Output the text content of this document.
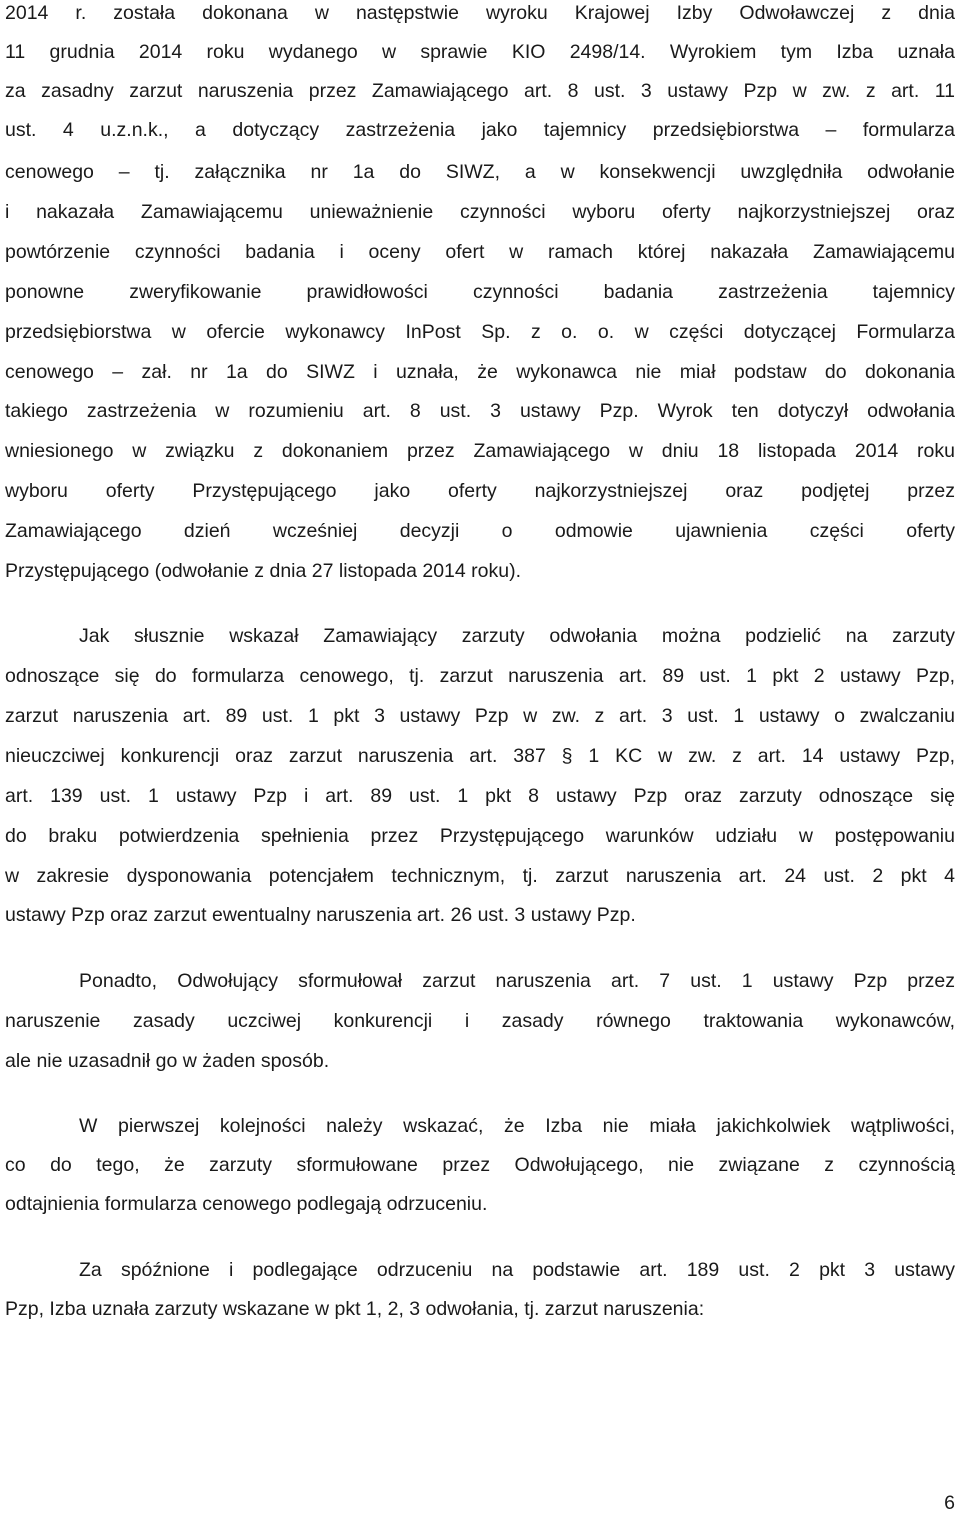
2014 r. została dokonana w następstwie wyroku Krajowej Izby Odwoławczej z dnia
11 grudnia 2014 roku wydanego w sprawie KIO 2498/14. Wyrokiem tym Izba uznała
za zasadny zarzut naruszenia przez Zamawiającego art. 8 ust. 3 ustawy Pzp w zw. z art. 11
ust. 4 u.z.n.k., a dotyczący zastrzeżenia jako tajemnicy przedsiębiorstwa – formularza
cenowego – tj. załącznika nr 1a do SIWZ, a w konsekwencji uwzględniła odwołanie
i nakazała Zamawiającemu unieważnienie czynności wyboru oferty najkorzystniejszej oraz
powtórzenie czynności badania i oceny ofert w ramach której nakazała Zamawiającemu
ponowne zweryfikowanie prawidłowości czynności badania zastrzeżenia tajemnicy
przedsiębiorstwa w ofercie wykonawcy InPost Sp. z o. o. w części dotyczącej Formularza
cenowego – zał. nr 1a do SIWZ i uznała, że wykonawca nie miał podstaw do dokonania
takiego zastrzeżenia w rozumieniu art. 8 ust. 3 ustawy Pzp. Wyrok ten dotyczył odwołania
wniesionego w związku z dokonaniem przez Zamawiającego w dniu 18 listopada 2014 roku
wyboru oferty Przystępującego jako oferty najkorzystniejszej oraz podjętej przez
Zamawiającego dzień wcześniej decyzji o odmowie ujawnienia części oferty
Przystępującego (odwołanie z dnia 27 listopada 2014 roku).
Jak słusznie wskazał Zamawiający zarzuty odwołania można podzielić na zarzuty
odnoszące się do formularza cenowego, tj. zarzut naruszenia art. 89 ust. 1 pkt 2 ustawy Pzp,
zarzut naruszenia art. 89 ust. 1 pkt 3 ustawy Pzp w zw. z art. 3 ust. 1 ustawy o zwalczaniu
nieuczciwej konkurencji oraz zarzut naruszenia art. 387 § 1 KC w zw. z art. 14 ustawy Pzp,
art. 139 ust. 1 ustawy Pzp i art. 89 ust. 1 pkt 8 ustawy Pzp oraz zarzuty odnoszące się
do braku potwierdzenia spełnienia przez Przystępującego warunków udziału w postępowaniu
w zakresie dysponowania potencjałem technicznym, tj. zarzut naruszenia art. 24 ust. 2 pkt 4
ustawy Pzp oraz zarzut ewentualny naruszenia art. 26 ust. 3 ustawy Pzp.
Ponadto, Odwołujący sformułował zarzut naruszenia art. 7 ust. 1 ustawy Pzp przez
naruszenie zasady uczciwej konkurencji i zasady równego traktowania wykonawców,
ale nie uzasadnił go w żaden sposób.
W pierwszej kolejności należy wskazać, że Izba nie miała jakichkolwiek wątpliwości,
co do tego, że zarzuty sformułowane przez Odwołującego, nie związane z czynnością
odtajnienia formularza cenowego podlegają odrzuceniu.
Za spóźnione i podlegające odrzuceniu na podstawie art. 189 ust. 2 pkt 3 ustawy
Pzp, Izba uznała zarzuty wskazane w pkt 1, 2, 3 odwołania, tj. zarzut naruszenia:
6
